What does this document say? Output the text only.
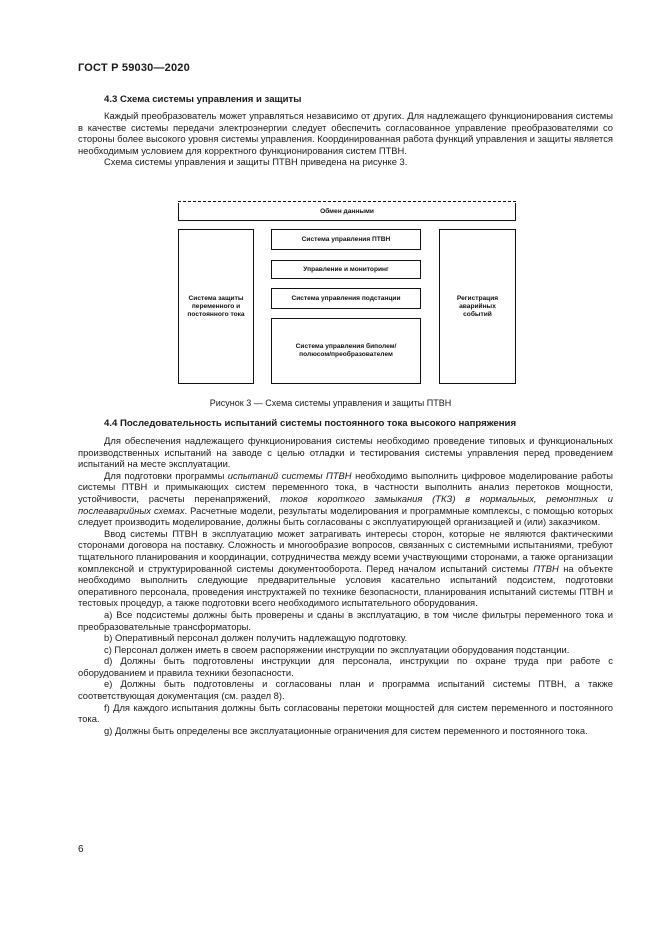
ГОСТ Р 59030—2020
4.3 Схема системы управления и защиты

Каждый преобразователь может управляться независимо от других. Для надлежащего функционирования системы в качестве системы передачи электроэнергии следует обеспечить согласованное управление преобразователями со стороны более высокого уровня системы управления. Координированная работа функций управления и защиты является необходимым условием для корректного функционирования систем ПТВН.

Схема системы управления и защиты ПТВН приведена на рисунке 3.

Обмен данными
Система защиты переменного и постоянного тока
Система управления ПТВН
Управление и мониторинг
Система управления подстанции
Система управления биполем/ полюсом/преобразователем
Регистрация аварийных событий
Рисунок 3 — Схема системы управления и защиты ПТВН
4.4 Последовательность испытаний системы постоянного тока высокого напряжения

Для обеспечения надлежащего функционирования системы необходимо проведение типовых и функциональных производственных испытаний на заводе с целью отладки и тестирования системы управления перед проведением испытаний на месте эксплуатации.

Для подготовки программы испытаний системы ПТВН необходимо выполнить цифровое моделирование работы системы ПТВН и примыкающих систем переменного тока, в частности выполнить анализ перетоков мощности, устойчивости, расчеты перенапряжений, токов короткого замыкания (ТКЗ) в нормальных, ремонтных и послеаварийных схемах. Расчетные модели, результаты моделирования и программные комплексы, с помощью которых следует производить моделирование, должны быть согласованы с эксплуатирующей организацией и (или) заказчиком.

Ввод системы ПТВН в эксплуатацию может затрагивать интересы сторон, которые не являются фактическими сторонами договора на поставку. Сложность и многообразие вопросов, связанных с системными испытаниями, требуют тщательного планирования и координации, сотрудничества между всеми участвующими сторонами, а также организации комплексной и структурированной системы документооборота. Перед началом испытаний системы ПТВН на объекте необходимо выполнить следующие предварительные условия касательно испытаний подсистем, подготовки оперативного персонала, проведения инструктажей по технике безопасности, планирования испытаний системы ПТВН и тестовых процедур, а также подготовки всего необходимого испытательного оборудования.

a) Все подсистемы должны быть проверены и сданы в эксплуатацию, в том числе фильтры переменного тока и преобразовательные трансформаторы.

b) Оперативный персонал должен получить надлежащую подготовку.

c) Персонал должен иметь в своем распоряжении инструкции по эксплуатации оборудования подстанции.

d) Должны быть подготовлены инструкции для персонала, инструкции по охране труда при работе с оборудованием и правила техники безопасности.

e) Должны быть подготовлены и согласованы план и программа испытаний системы ПТВН, а также соответствующая документация (см. раздел 8).

f) Для каждого испытания должны быть согласованы перетоки мощностей для систем переменного и постоянного тока.

g) Должны быть определены все эксплуатационные ограничения для систем переменного и постоянного тока.

6
